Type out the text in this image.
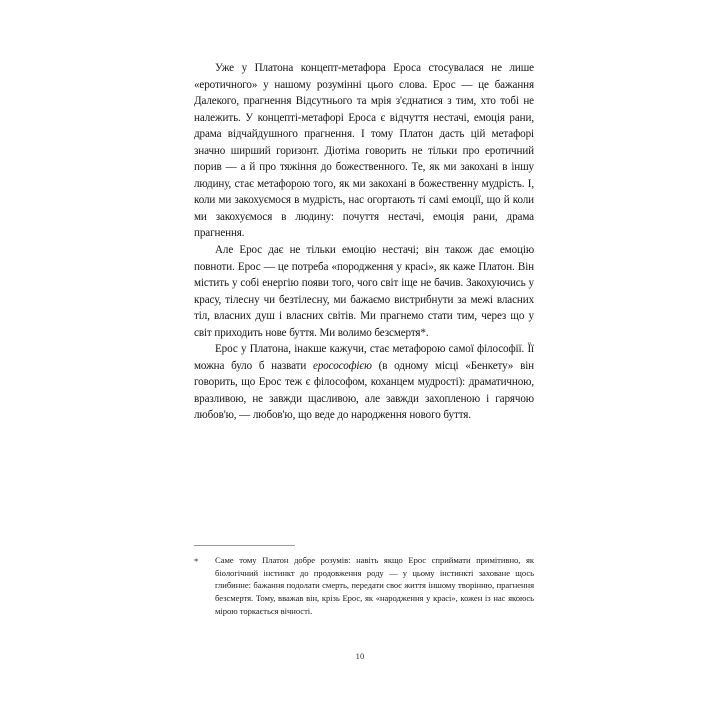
Уже у Платона концепт-метафора Ероса стосувалася не лише «еротичного» у нашому розумінні цього слова. Ерос — це бажання Далекого, прагнення Відсутнього та мрія з'єднатися з тим, хто тобі не належить. У концепті-метафорі Ероса є відчуття нестачі, емоція рани, драма відчайдушного прагнення. І тому Платон дасть цій метафорі значно ширший горизонт. Діотіма говорить не тільки про еротичний порив — а й про тяжіння до божественного. Те, як ми закохані в іншу людину, стає метафорою того, як ми закохані в божественну мудрість. І, коли ми закохуємося в мудрість, нас огортають ті самі емоції, що й коли ми закохуємося в людину: почуття нестачі, емоція рани, драма прагнення.

Але Ерос дає не тільки емоцію нестачі; він також дає емоцію повноти. Ерос — це потреба «породження у красі», як каже Платон. Він містить у собі енергію появи того, чого світ іще не бачив. Закохуючись у красу, тілесну чи безтілесну, ми бажаємо вистрибнути за межі власних тіл, власних душ і власних світів. Ми прагнемо стати тим, через що у світ приходить нове буття. Ми волимо безсмертя*.

Ерос у Платона, інакше кажучи, стає метафорою самої філософії. Її можна було б назвати еросософією (в одному місці «Бенкету» він говорить, що Ерос теж є філософом, коханцем мудрості): драматичною, вразливою, не завжди щасливою, але завжди захопленою і гарячою любов'ю, — любов'ю, що веде до народження нового буття.

*	Саме тому Платон добре розумів: навіть якщо Ерос сприймати примітивно, як біологічний інстинкт до продовження роду — у цьому інстинкті заховане щось глибинне: бажання подолати смерть, передати своє життя іншому творінню, прагнення безсмертя. Тому, вважав він, крізь Ерос, як «народження у красі», кожен із нас якоюсь мірою торкається вічності.

10
